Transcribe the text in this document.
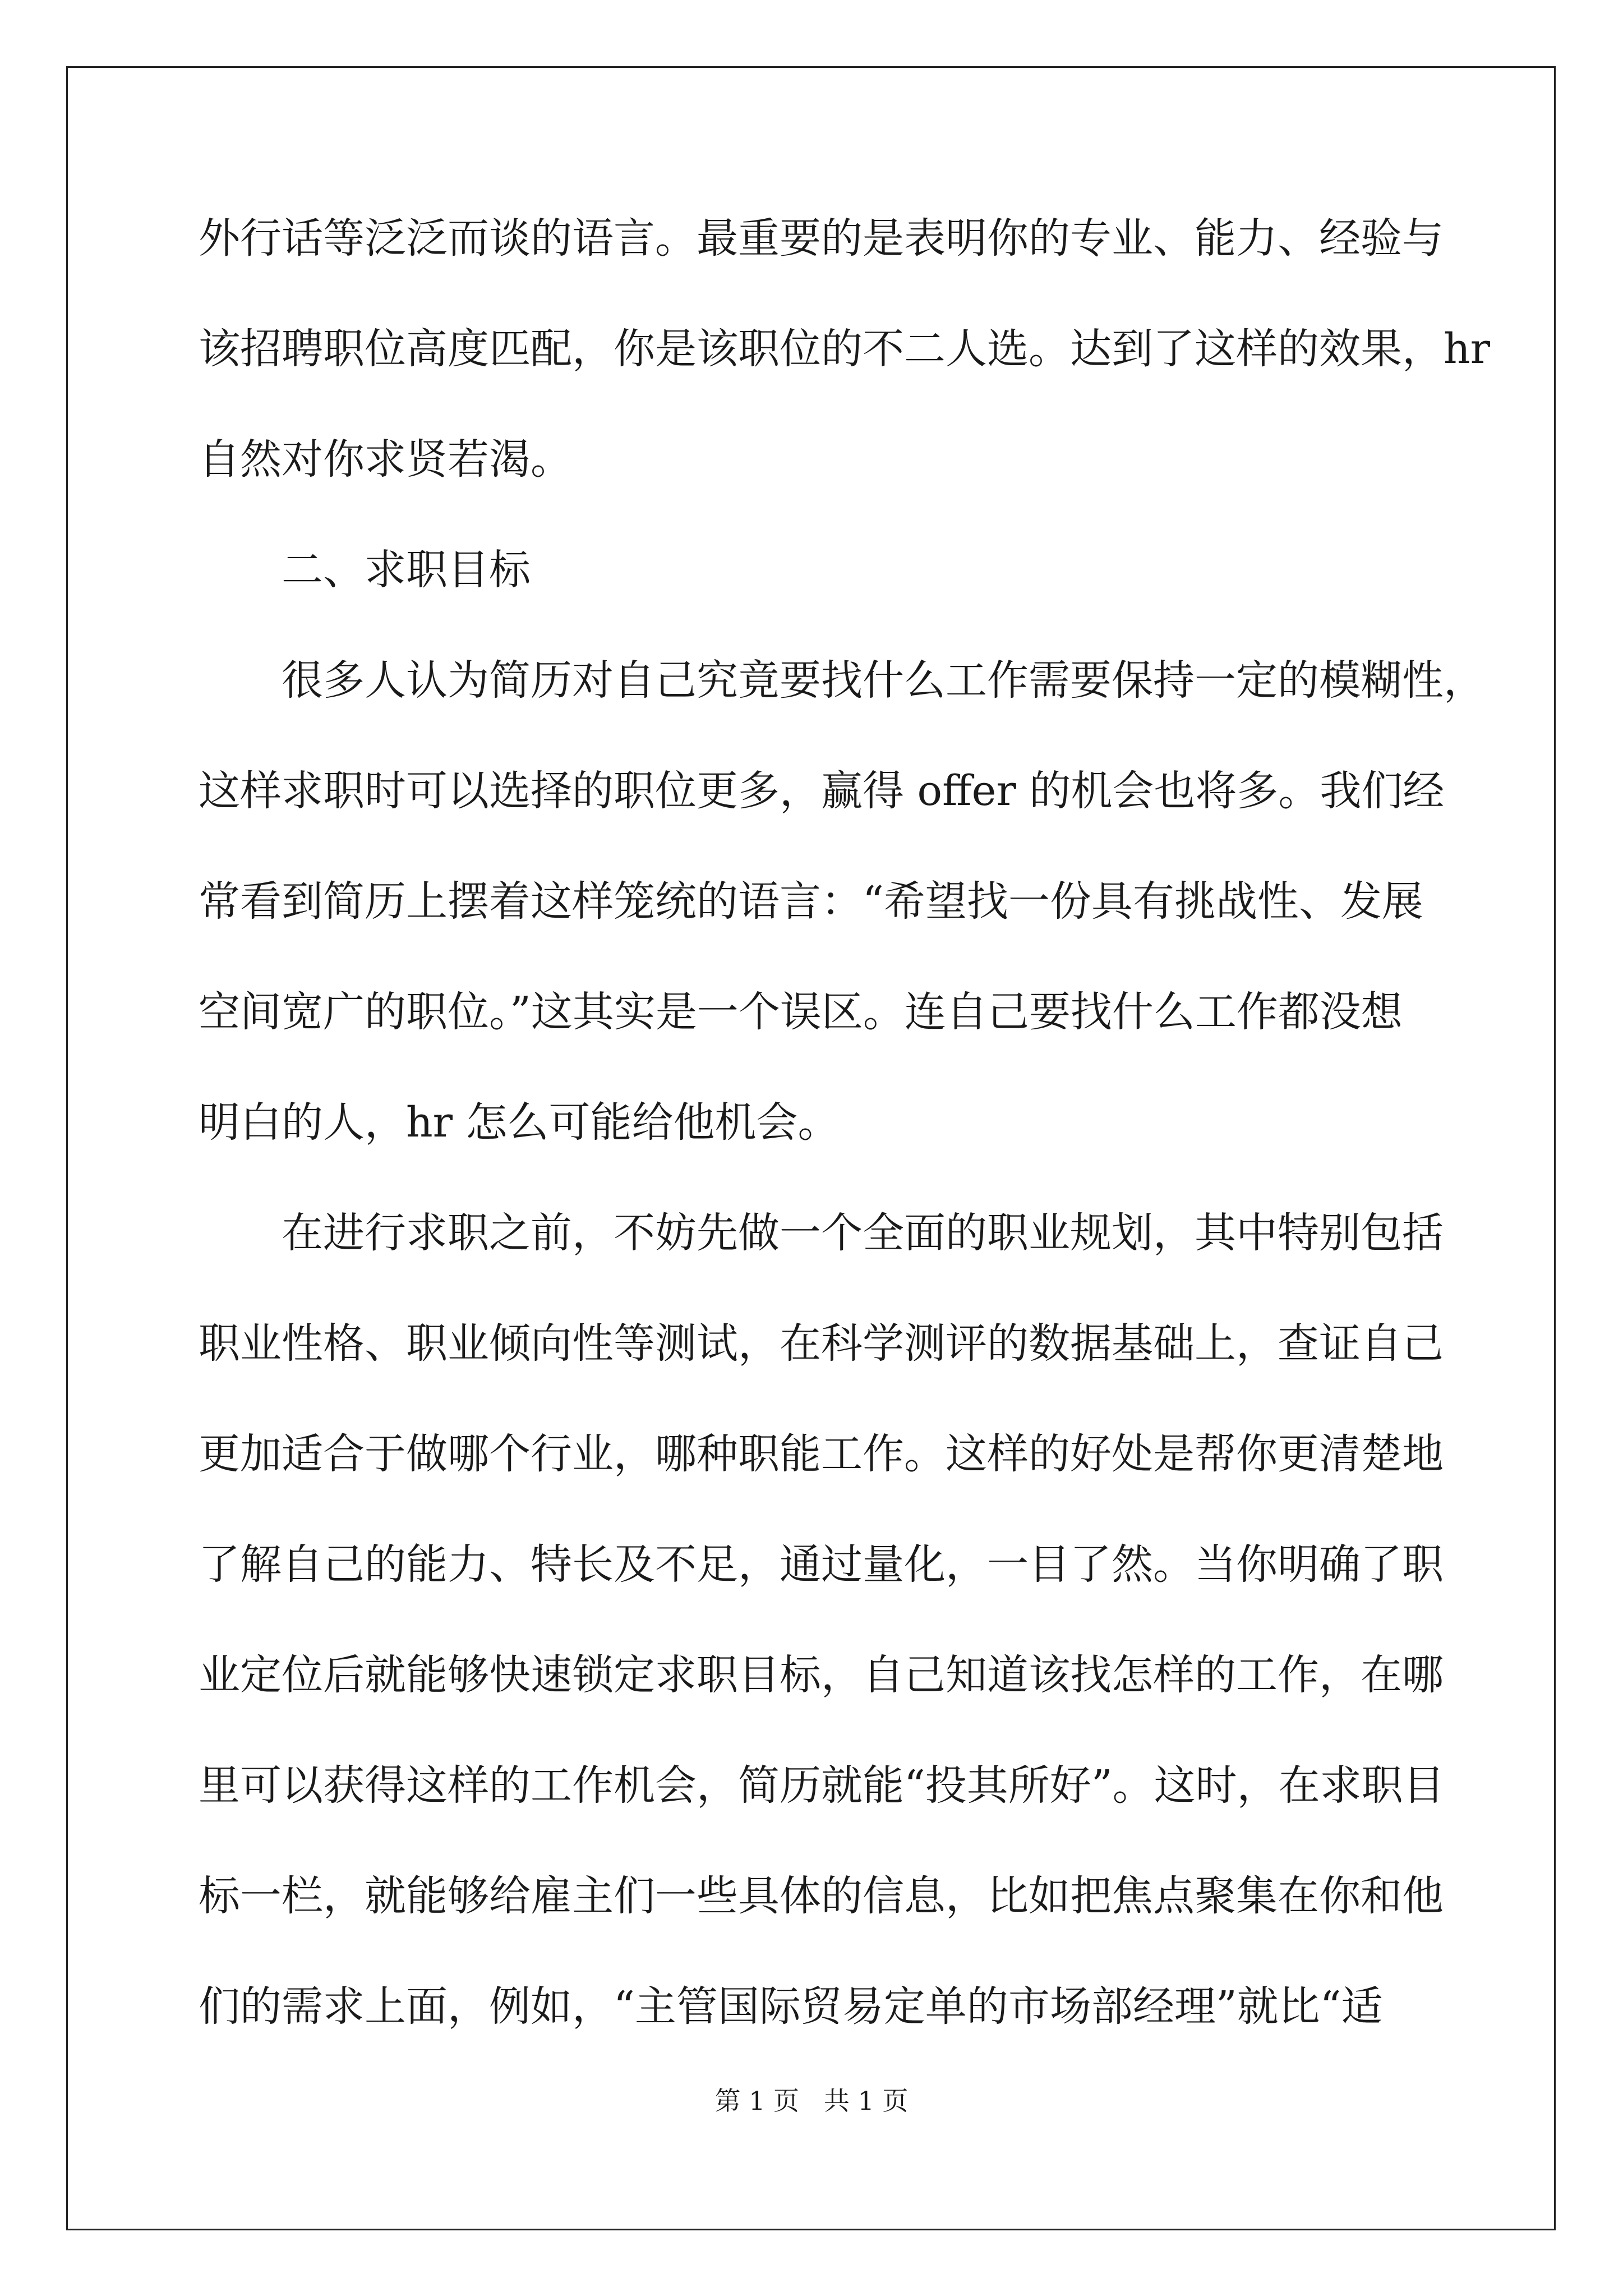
外行话等泛泛而谈的语言。最重要的是表明你的专业、能力、经验与
该招聘职位高度匹配，你是该职位的不二人选。达到了这样的效果，hr
自然对你求贤若渴。
二、求职目标
很多人认为简历对自己究竟要找什么工作需要保持一定的模糊性，
这样求职时可以选择的职位更多，赢得 offer 的机会也将多。我们经
常看到简历上摆着这样笼统的语言：“希望找一份具有挑战性、发展
空间宽广的职位。”这其实是一个误区。连自己要找什么工作都没想
明白的人，hr 怎么可能给他机会。
在进行求职之前，不妨先做一个全面的职业规划，其中特别包括
职业性格、职业倾向性等测试，在科学测评的数据基础上，查证自己
更加适合于做哪个行业，哪种职能工作。这样的好处是帮你更清楚地
了解自己的能力、特长及不足，通过量化，一目了然。当你明确了职
业定位后就能够快速锁定求职目标，自己知道该找怎样的工作，在哪
里可以获得这样的工作机会，简历就能“投其所好”。这时，在求职目
标一栏，就能够给雇主们一些具体的信息，比如把焦点聚集在你和他
们的需求上面，例如，“主管国际贸易定单的市场部经理”就比“适
第 1 页   共 1 页
